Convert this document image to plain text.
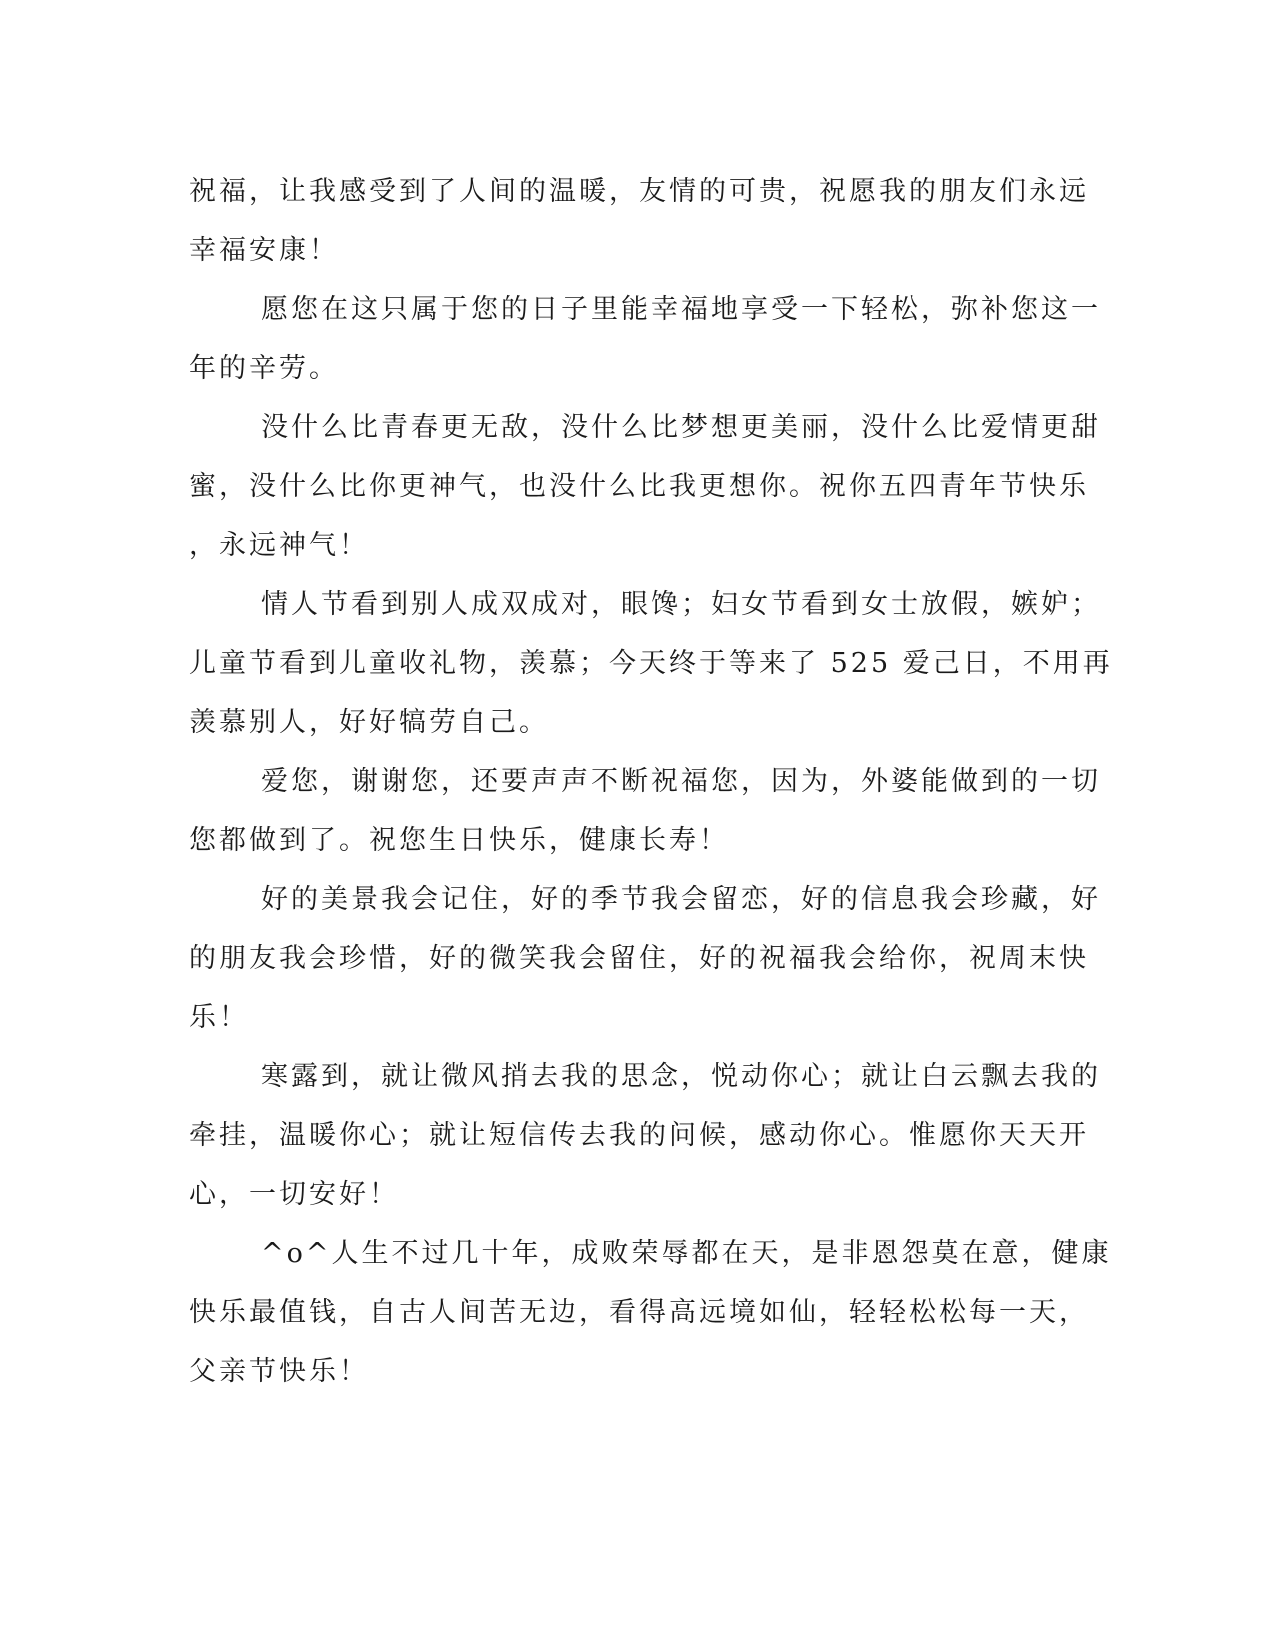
祝福，让我感受到了人间的温暖，友情的可贵，祝愿我的朋友们永远
幸福安康！
愿您在这只属于您的日子里能幸福地享受一下轻松，弥补您这一
年的辛劳。
没什么比青春更无敌，没什么比梦想更美丽，没什么比爱情更甜
蜜，没什么比你更神气，也没什么比我更想你。祝你五四青年节快乐
，永远神气！
情人节看到别人成双成对，眼馋；妇女节看到女士放假，嫉妒；
儿童节看到儿童收礼物，羡慕；今天终于等来了 525 爱己日，不用再
羡慕别人，好好犒劳自己。
爱您，谢谢您，还要声声不断祝福您，因为，外婆能做到的一切
您都做到了。祝您生日快乐，健康长寿！
好的美景我会记住，好的季节我会留恋，好的信息我会珍藏，好
的朋友我会珍惜，好的微笑我会留住，好的祝福我会给你，祝周末快
乐！
寒露到，就让微风捎去我的思念，悦动你心；就让白云飘去我的
牵挂，温暖你心；就让短信传去我的问候，感动你心。惟愿你天天开
心，一切安好！
^o^人生不过几十年，成败荣辱都在天，是非恩怨莫在意，健康
快乐最值钱，自古人间苦无边，看得高远境如仙，轻轻松松每一天，
父亲节快乐！
